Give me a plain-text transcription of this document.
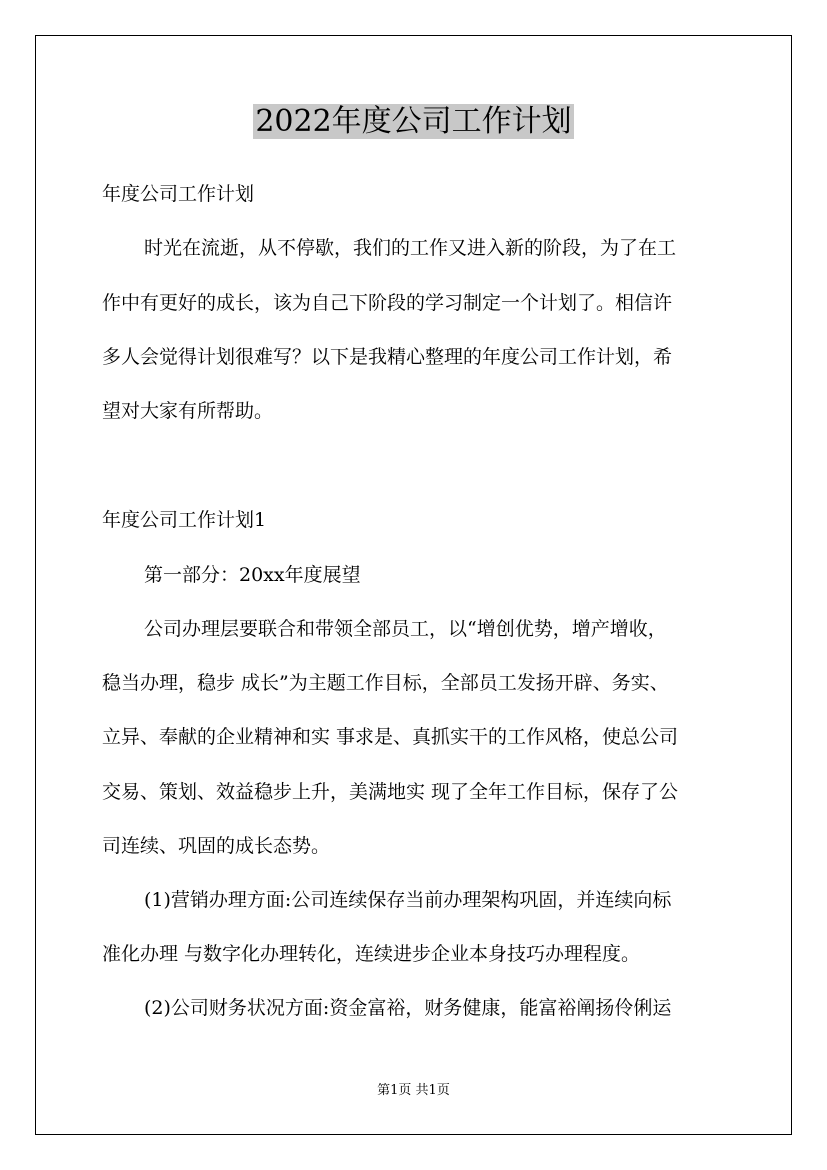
2022年度公司工作计划
年度公司工作计划
时光在流逝，从不停歇，我们的工作又进入新的阶段，为了在工
作中有更好的成长，该为自己下阶段的学习制定一个计划了。相信许
多人会觉得计划很难写？以下是我精心整理的年度公司工作计划，希
望对大家有所帮助。
年度公司工作计划1
第一部分：20xx年度展望
公司办理层要联合和带领全部员工，以“增创优势，增产增收，
稳当办理，稳步 成长”为主题工作目标，全部员工发扬开辟、务实、
立异、奉献的企业精神和实 事求是、真抓实干的工作风格，使总公司
交易、策划、效益稳步上升，美满地实 现了全年工作目标，保存了公
司连续、巩固的成长态势。
(1)营销办理方面:公司连续保存当前办理架构巩固，并连续向标
准化办理 与数字化办理转化，连续进步企业本身技巧办理程度。
(2)公司财务状况方面:资金富裕，财务健康，能富裕阐扬伶俐运
第1页 共1页
